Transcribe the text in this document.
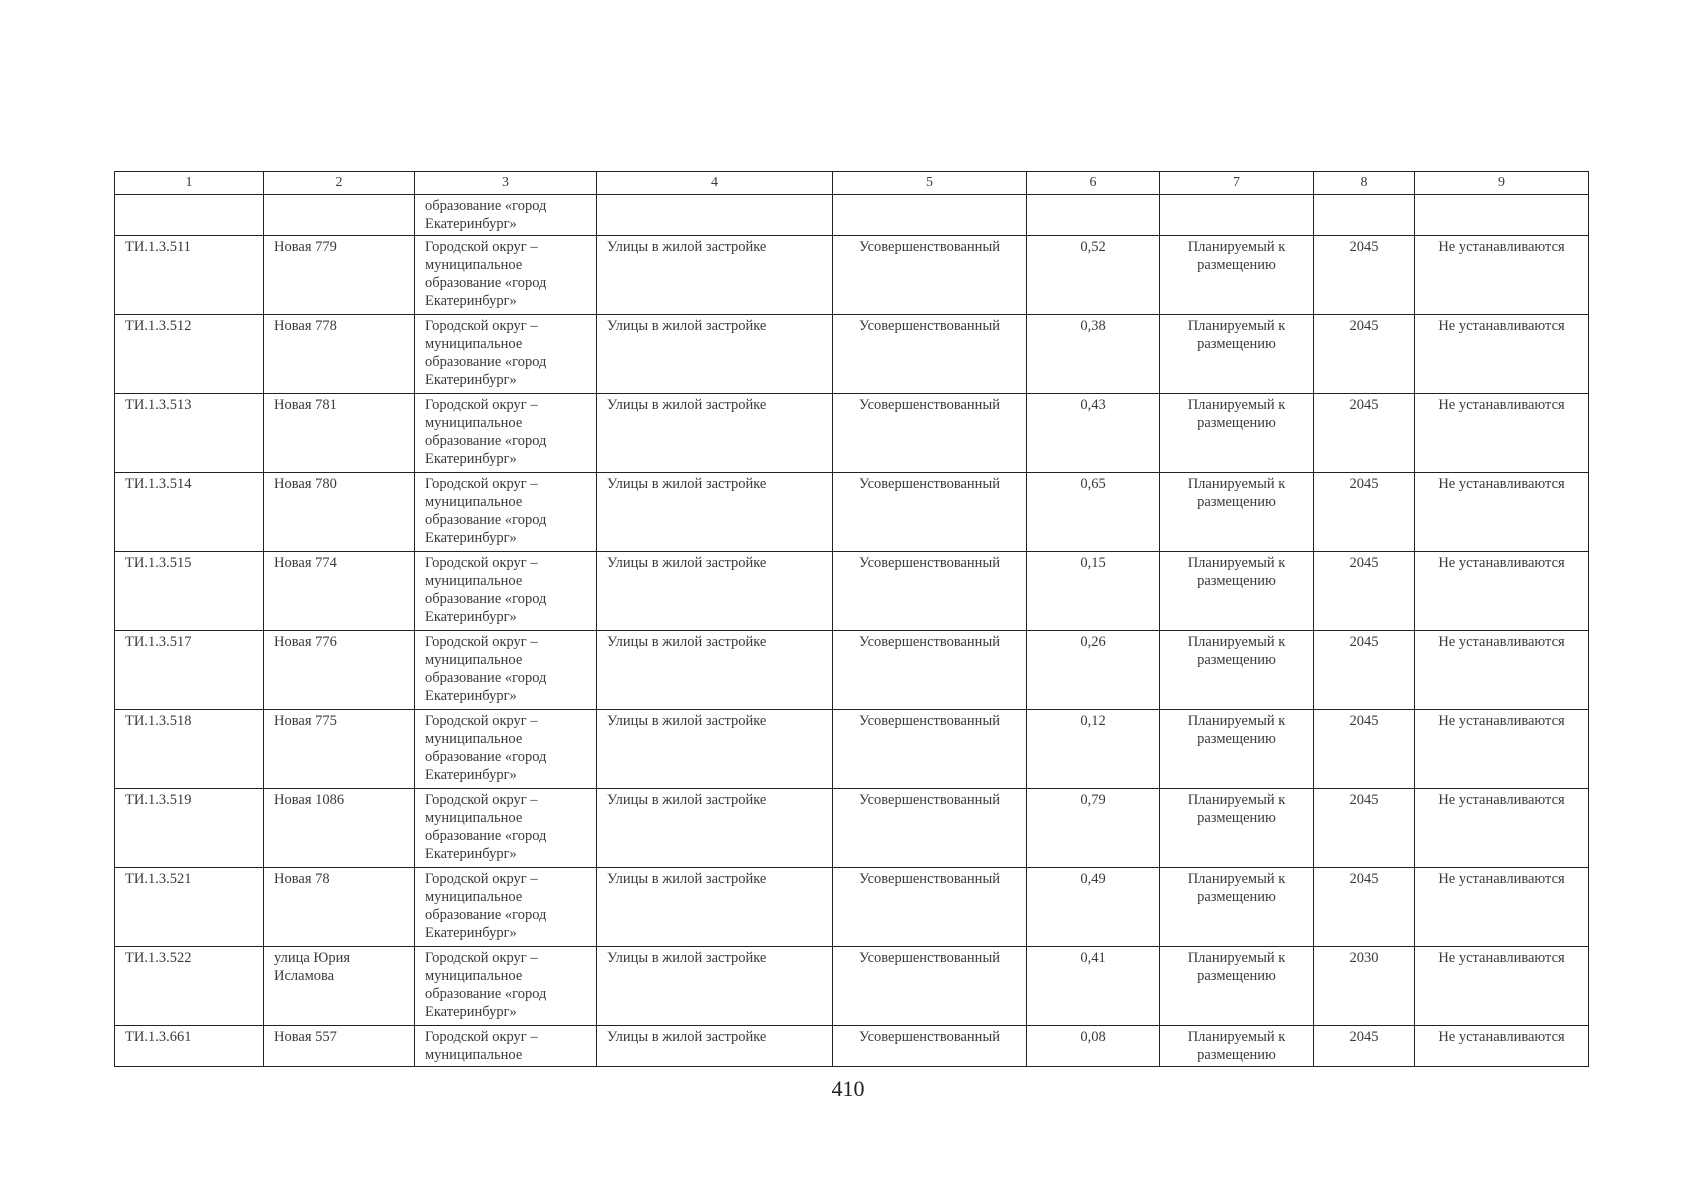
1	2	3	4	5	6	7	8	9
		образование «город Екатеринбург»						
ТИ.1.3.511	Новая 779	Городской округ – муниципальное образование «город Екатеринбург»	Улицы в жилой застройке	Усовершенствованный	0,52	Планируемый к размещению	2045	Не устанавливаются
ТИ.1.3.512	Новая 778	Городской округ – муниципальное образование «город Екатеринбург»	Улицы в жилой застройке	Усовершенствованный	0,38	Планируемый к размещению	2045	Не устанавливаются
ТИ.1.3.513	Новая 781	Городской округ – муниципальное образование «город Екатеринбург»	Улицы в жилой застройке	Усовершенствованный	0,43	Планируемый к размещению	2045	Не устанавливаются
ТИ.1.3.514	Новая 780	Городской округ – муниципальное образование «город Екатеринбург»	Улицы в жилой застройке	Усовершенствованный	0,65	Планируемый к размещению	2045	Не устанавливаются
ТИ.1.3.515	Новая 774	Городской округ – муниципальное образование «город Екатеринбург»	Улицы в жилой застройке	Усовершенствованный	0,15	Планируемый к размещению	2045	Не устанавливаются
ТИ.1.3.517	Новая 776	Городской округ – муниципальное образование «город Екатеринбург»	Улицы в жилой застройке	Усовершенствованный	0,26	Планируемый к размещению	2045	Не устанавливаются
ТИ.1.3.518	Новая 775	Городской округ – муниципальное образование «город Екатеринбург»	Улицы в жилой застройке	Усовершенствованный	0,12	Планируемый к размещению	2045	Не устанавливаются
ТИ.1.3.519	Новая 1086	Городской округ – муниципальное образование «город Екатеринбург»	Улицы в жилой застройке	Усовершенствованный	0,79	Планируемый к размещению	2045	Не устанавливаются
ТИ.1.3.521	Новая 78	Городской округ – муниципальное образование «город Екатеринбург»	Улицы в жилой застройке	Усовершенствованный	0,49	Планируемый к размещению	2045	Не устанавливаются
ТИ.1.3.522	улица Юрия Исламова	Городской округ – муниципальное образование «город Екатеринбург»	Улицы в жилой застройке	Усовершенствованный	0,41	Планируемый к размещению	2030	Не устанавливаются
ТИ.1.3.661	Новая 557	Городской округ – муниципальное	Улицы в жилой застройке	Усовершенствованный	0,08	Планируемый к размещению	2045	Не устанавливаются
410
